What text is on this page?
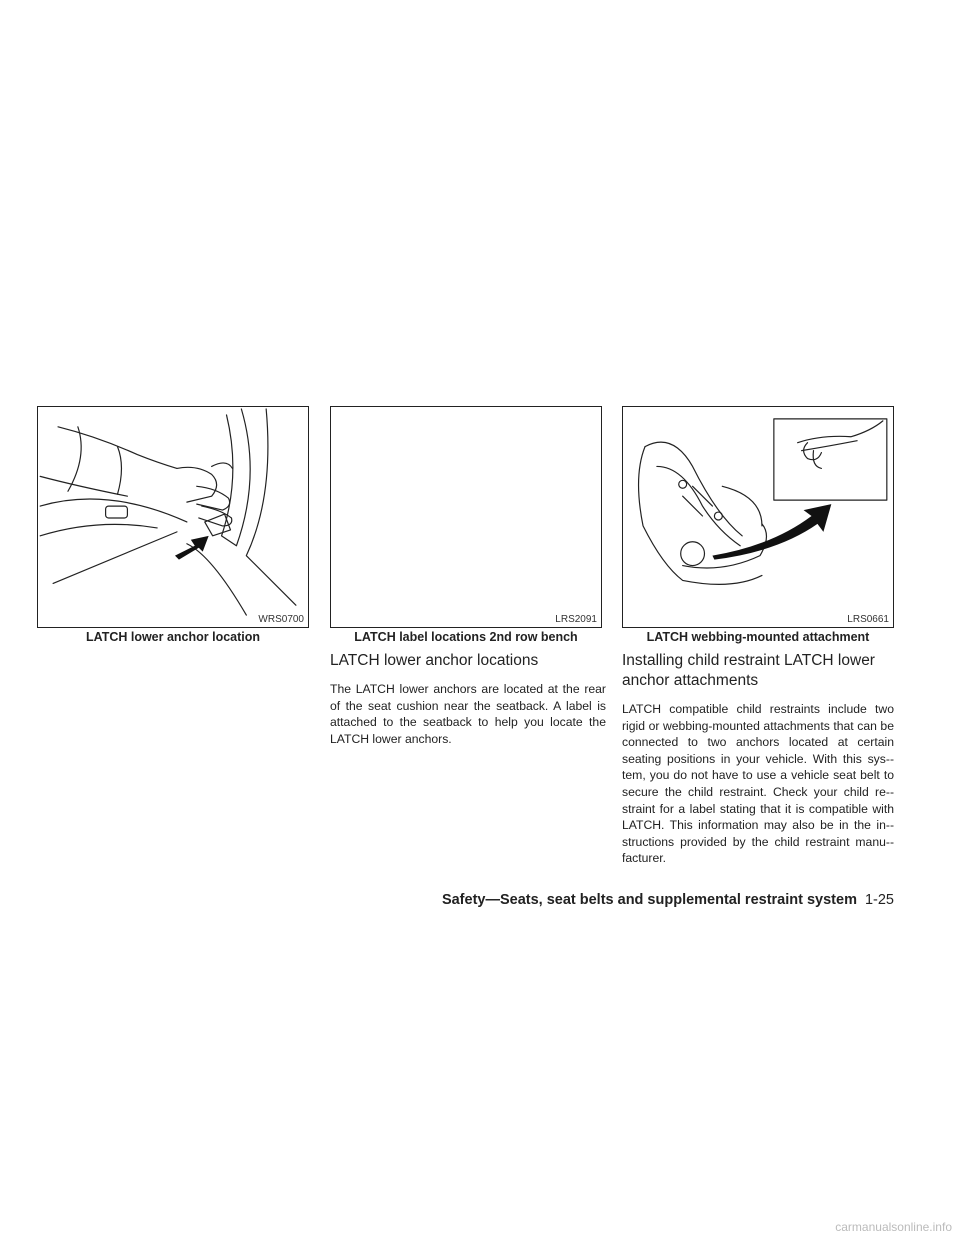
WRS0700
LATCH lower anchor location
LRS2091
LATCH label locations 2nd row bench
LRS0661
LATCH webbing-mounted attachment
LATCH lower anchor locations

The LATCH lower anchors are located at the rear of the seat cushion near the seatback. A label is attached to the seatback to help you locate the LATCH lower anchors.

Installing child restraint LATCH lower anchor attachments

LATCH compatible child restraints include two rigid or webbing-mounted attachments that can be connected to two anchors located at certain seating positions in your vehicle. With this sys-tem, you do not have to use a vehicle seat belt to secure the child restraint. Check your child re-straint for a label stating that it is compatible with LATCH. This information may also be in the in-structions provided by the child restraint manu-facturer.

Safety—Seats, seat belts and supplemental restraint system 1-25
carmanualsonline.info
